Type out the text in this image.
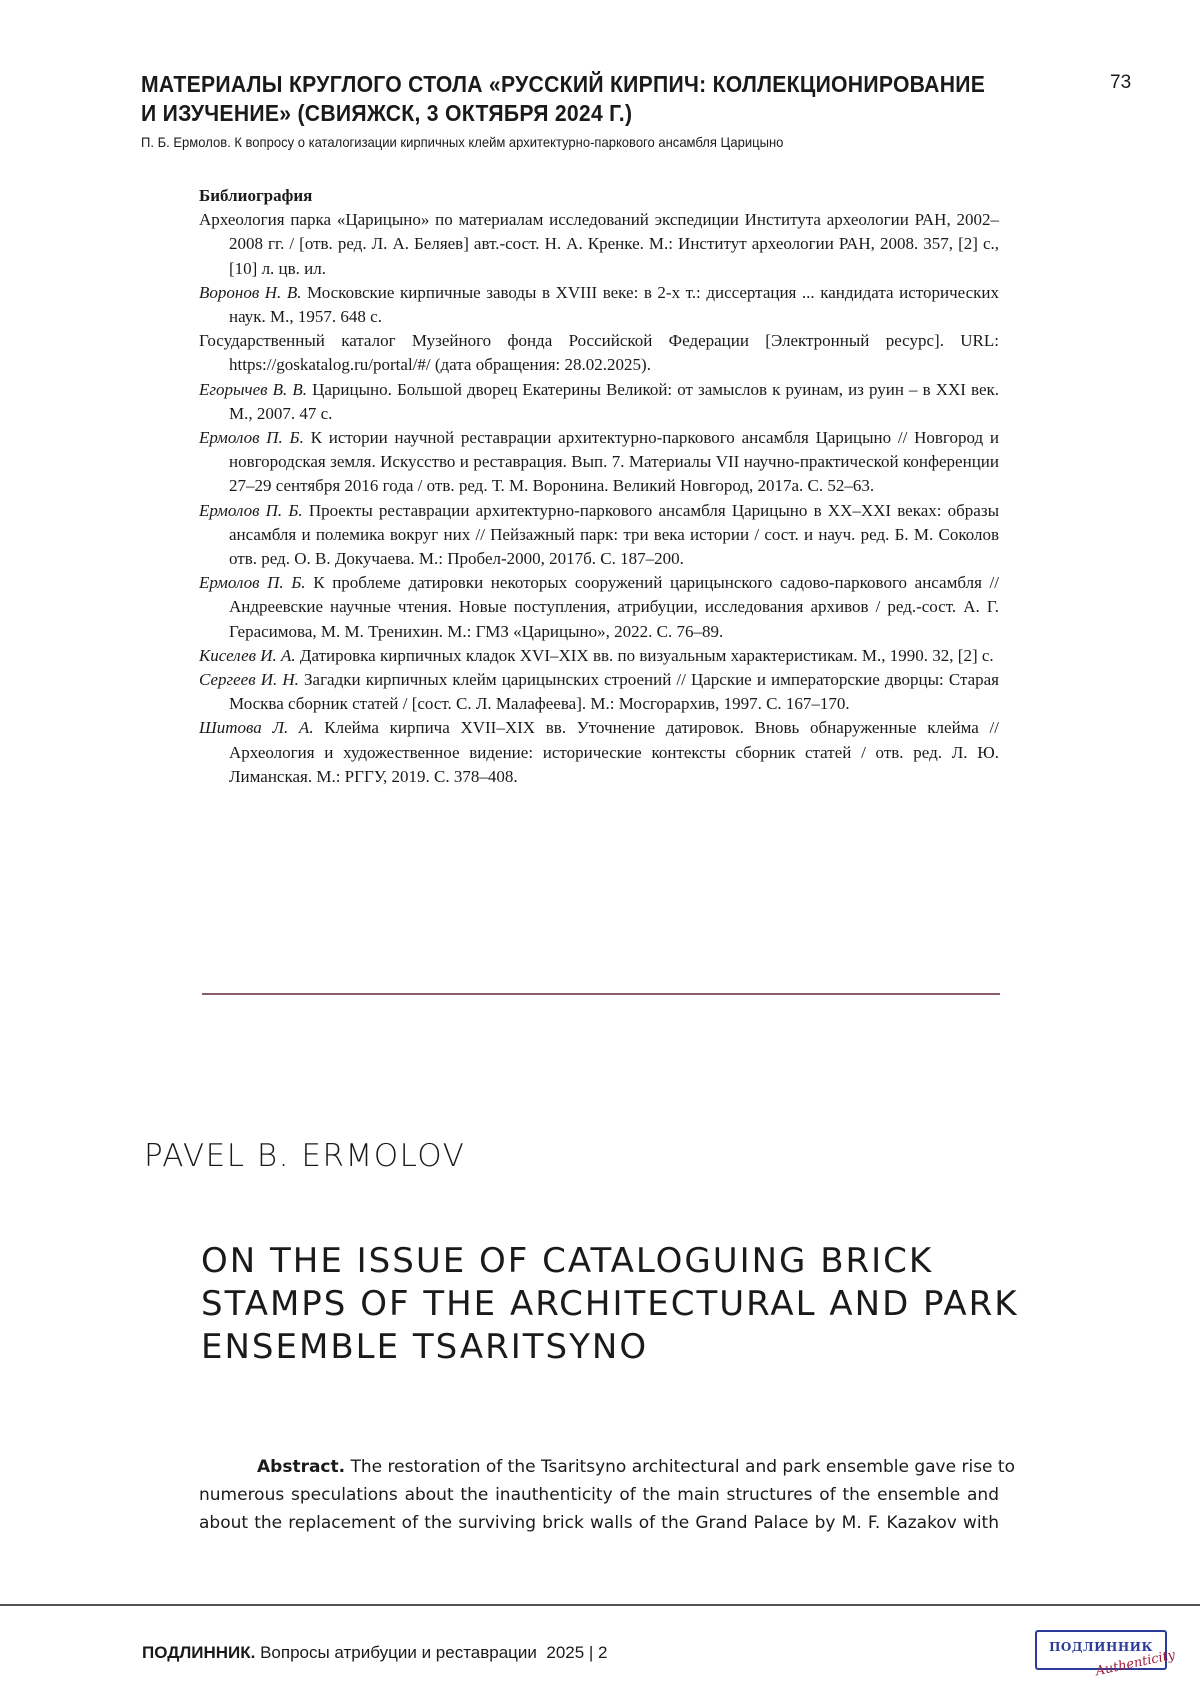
МАТЕРИАЛЫ КРУГЛОГО СТОЛА «РУССКИЙ КИРПИЧ: КОЛЛЕКЦИОНИРОВАНИЕ
И ИЗУЧЕНИЕ» (СВИЯЖСК, 3 ОКТЯБРЯ 2024 Г.)
73
П. Б. Ермолов. К вопросу о каталогизации кирпичных клейм архитектурно-паркового ансамбля Царицыно
Библиография
Археология парка «Царицыно» по материалам исследований экспедиции Института археологии РАН, 2002–2008 гг. / [отв. ред. Л. А. Беляев] авт.-сост. Н. А. Кренке. М.: Институт археологии РАН, 2008. 357, [2] с., [10] л. цв. ил.
Воронов Н. В. Московские кирпичные заводы в XVIII веке: в 2-х т.: диссертация ... кандидата исторических наук. М., 1957. 648 с.
Государственный каталог Музейного фонда Российской Федерации [Электронный ресурс]. URL: https://goskatalog.ru/portal/#/ (дата обращения: 28.02.2025).
Егорычев В. В. Царицыно. Большой дворец Екатерины Великой: от замыслов к руинам, из руин – в XXI век. М., 2007. 47 с.
Ермолов П. Б. К истории научной реставрации архитектурно-паркового ансамбля Царицыно // Новгород и новгородская земля. Искусство и реставрация. Вып. 7. Материалы VII научно-практической конференции 27–29 сентября 2016 года / отв. ред. Т. М. Воронина. Великий Новгород, 2017а. С. 52–63.
Ермолов П. Б. Проекты реставрации архитектурно-паркового ансамбля Царицыно в XX–XXI веках: образы ансамбля и полемика вокруг них // Пейзажный парк: три века истории / сост. и науч. ред. Б. М. Соколов отв. ред. О. В. Докучаева. М.: Пробел-2000, 2017б. С. 187–200.
Ермолов П. Б. К проблеме датировки некоторых сооружений царицынского садово-паркового ансамбля // Андреевские научные чтения. Новые поступления, атрибуции, исследования архивов / ред.-сост. А. Г. Герасимова, М. М. Тренихин. М.: ГМЗ «Царицыно», 2022. С. 76–89.
Киселев И. А. Датировка кирпичных кладок XVI–XIX вв. по визуальным характеристикам. М., 1990. 32, [2] с.
Сергеев И. Н. Загадки кирпичных клейм царицынских строений // Царские и императорские дворцы: Старая Москва сборник статей / [сост. С. Л. Малафеева]. М.: Мосгорархив, 1997. С. 167–170.
Шитова Л. А. Клейма кирпича XVII–XIX вв. Уточнение датировок. Вновь обнаруженные клейма // Археология и художественное видение: исторические контексты сборник статей / отв. ред. Л. Ю. Лиманская. М.: РГГУ, 2019. С. 378–408.
PAVEL B. ERMOLOV
ON THE ISSUE OF CATALOGUING BRICK
STAMPS OF THE ARCHITECTURAL AND PARK
ENSEMBLE TSARITSYNO
Abstract. The restoration of the Tsaritsyno architectural and park ensemble gave rise to
numerous speculations about the inauthenticity of the main structures of the ensemble and
about the replacement of the surviving brick walls of the Grand Palace by M. F. Kazakov with
ПОДЛИННИК. Вопросы атрибуции и реставрации 2025 | 2	ПОДЛИННИК
Authenticity
